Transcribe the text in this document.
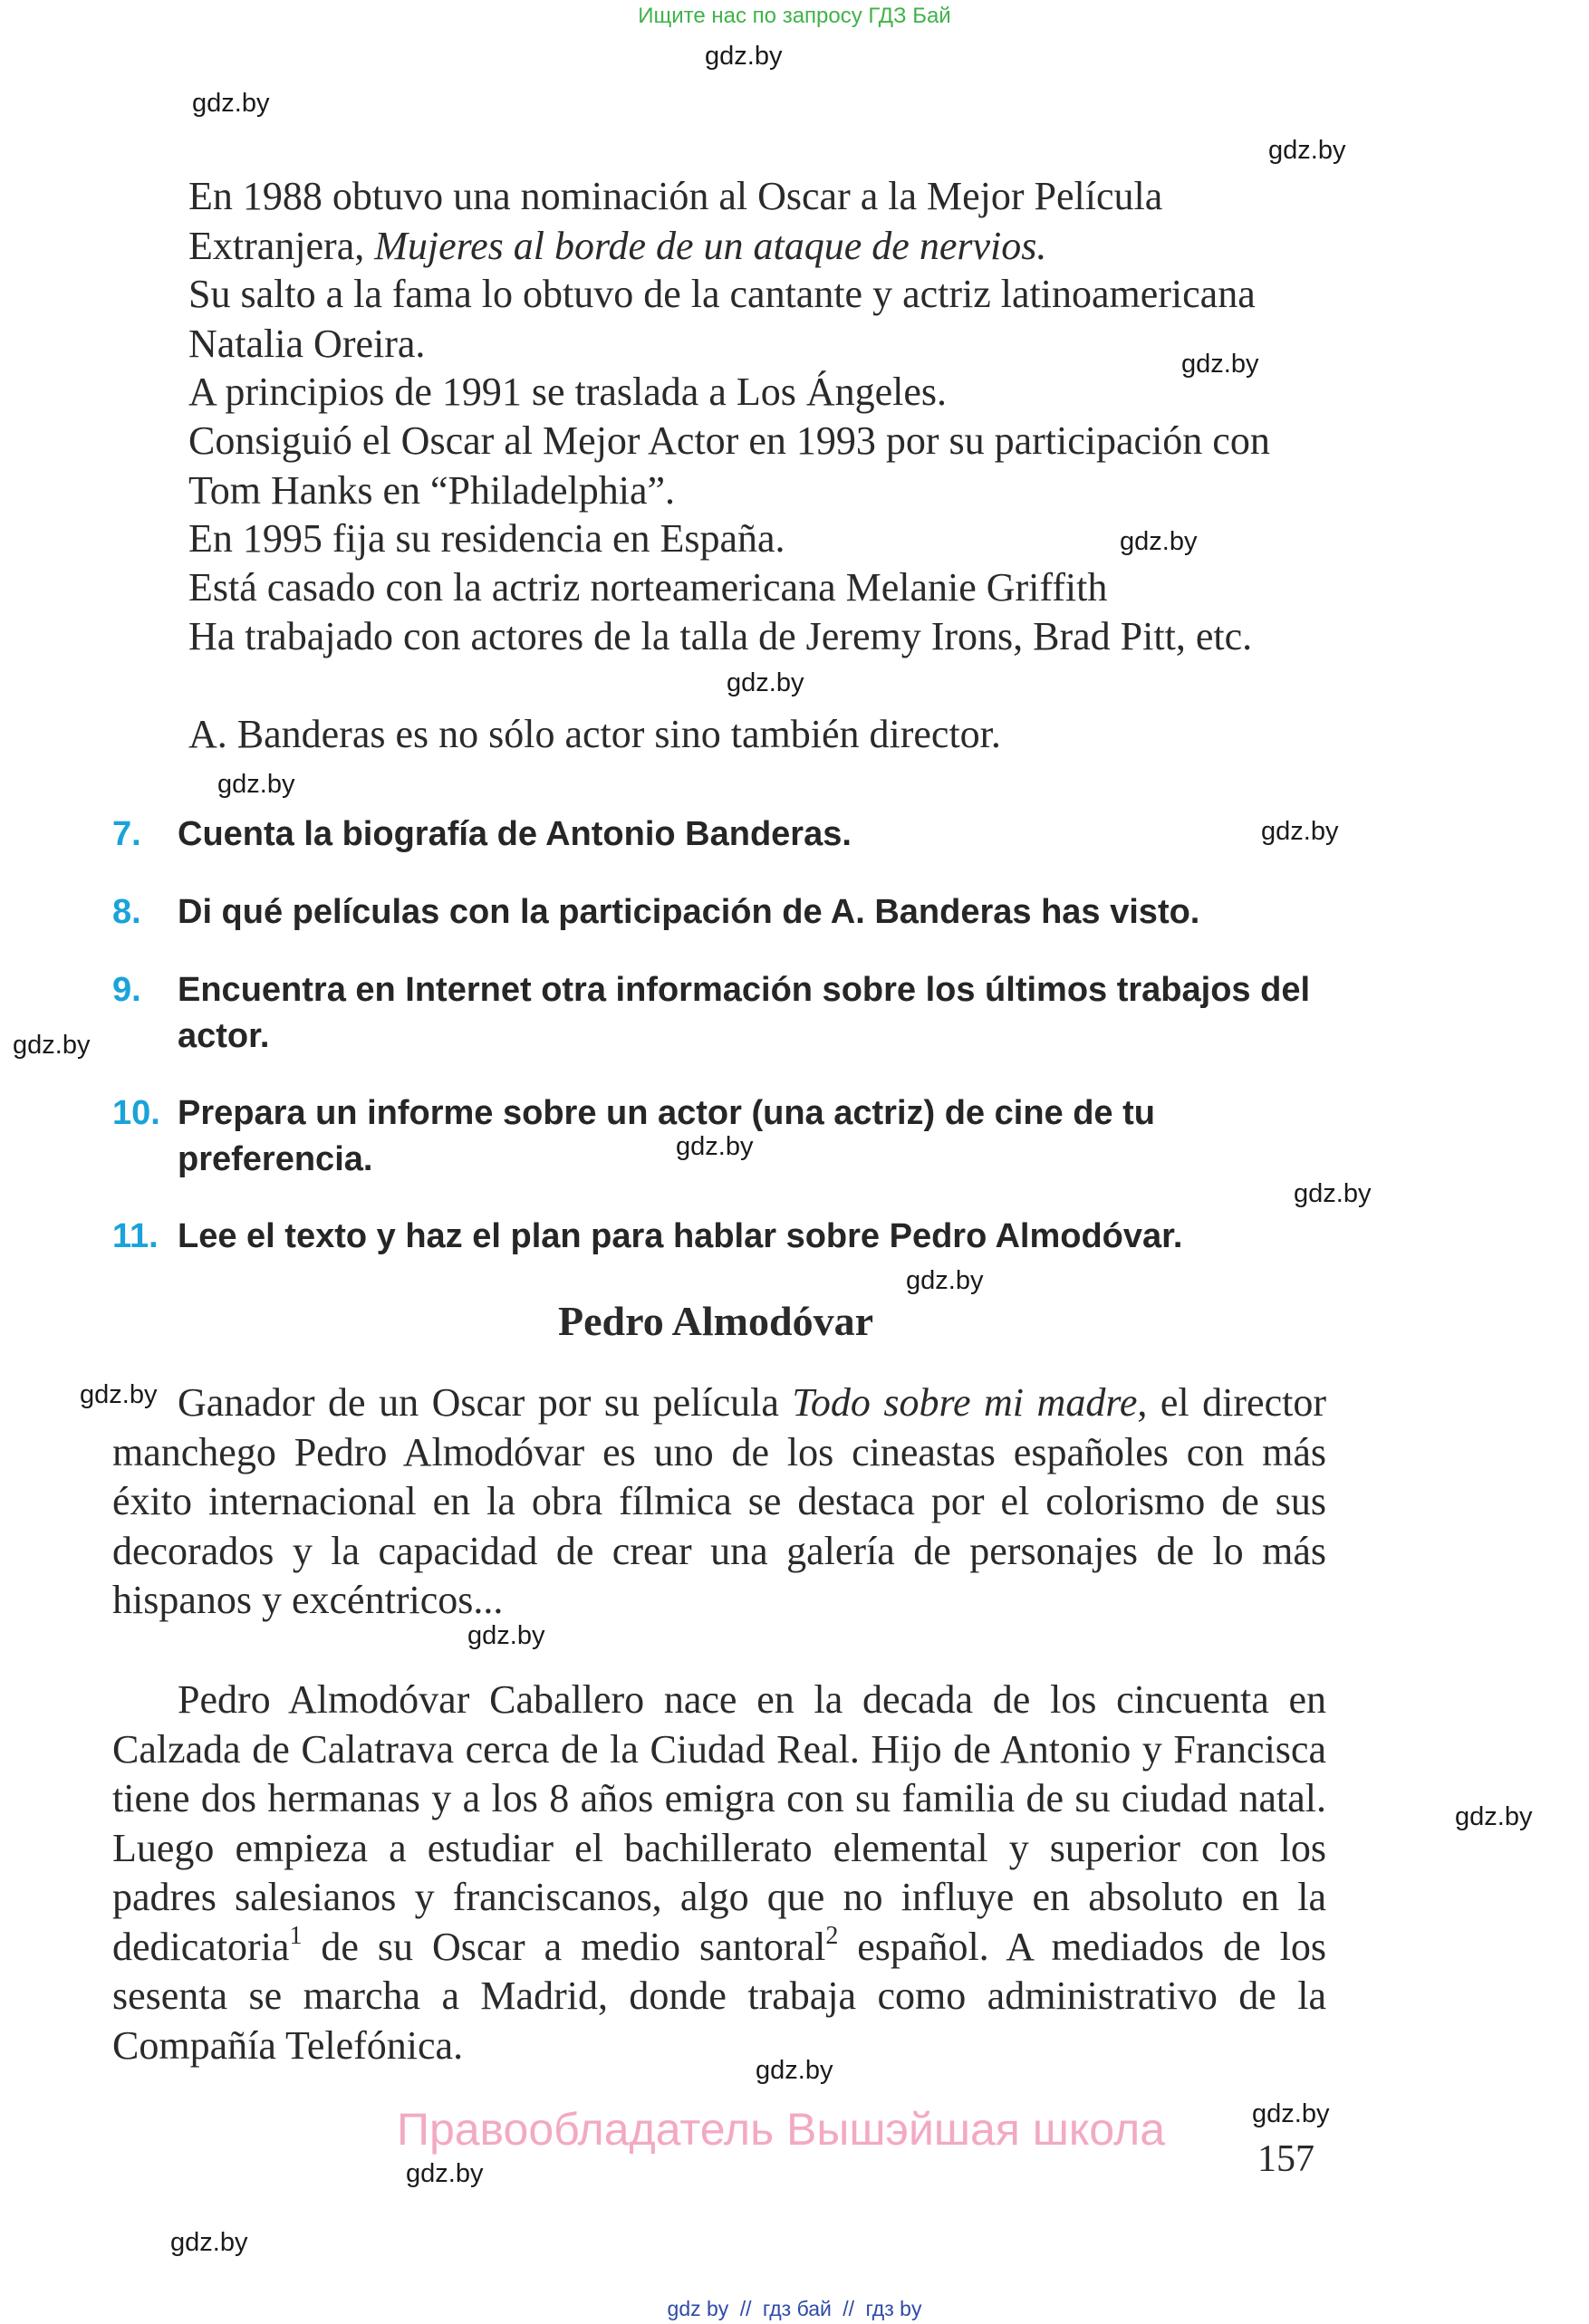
Ищите нас по запросу ГДЗ Бай
gdz.by
gdz.by
gdz.by
gdz.by
gdz.by
gdz.by
gdz.by
gdz.by
gdz.by
gdz.by
gdz.by
gdz.by
gdz.by
gdz.by
gdz.by
gdz.by
gdz.by
gdz.by
gdz.by
En 1988 obtuvo una nominación al Oscar a la Mejor Película
Extranjera, Mujeres al borde de un ataque de nervios.
Su salto a la fama lo obtuvo de la cantante y actriz latinoamericana Natalia Oreira.
A principios de 1991 se traslada a Los Ángeles.
Consiguió el Oscar al Mejor Actor en 1993 por su participación con Tom Hanks en “Philadelphia”.
En 1995 fija su residencia en España.
Está casado con la actriz norteamericana Melanie Griffith
Ha trabajado con actores de la talla de Jeremy Irons, Brad Pitt, etc.
A. Banderas es no sólo actor sino también director.
7. Cuenta la biografía de Antonio Banderas.
8. Di qué películas con la participación de A. Banderas has visto.
9. Encuentra en Internet otra información sobre los últimos trabajos del actor.
10. Prepara un informe sobre un actor (una actriz) de cine de tu preferencia.
11. Lee el texto y haz el plan para hablar sobre Pedro Almodóvar.
Pedro Almodóvar
Ganador de un Oscar por su película Todo sobre mi madre, el director manchego Pedro Almodóvar es uno de los cineastas españoles con más éxito internacional en la obra fílmica se destaca por el colorismo de sus decorados y la capacidad de crear una galería de personajes de lo más hispanos y excéntricos...
Pedro Almodóvar Caballero nace en la decada de los cincuenta en Calzada de Calatrava cerca de la Ciudad Real. Hijo de Antonio y Francisca tiene dos hermanas y a los 8 años emigra con su familia de su ciudad natal. Luego empieza a estudiar el bachillerato elemental y superior con los padres salesianos y franciscanos, algo que no influye en absoluto en la dedicatoria$^1$ de su Oscar a medio santoral$^2$ español. A mediados de los sesenta se marcha a Madrid, donde trabaja como administrativo de la Compañía Telefónica.
Правообладатель Вышэйшая школа
157
gdz by // гдз бай // гдз by
